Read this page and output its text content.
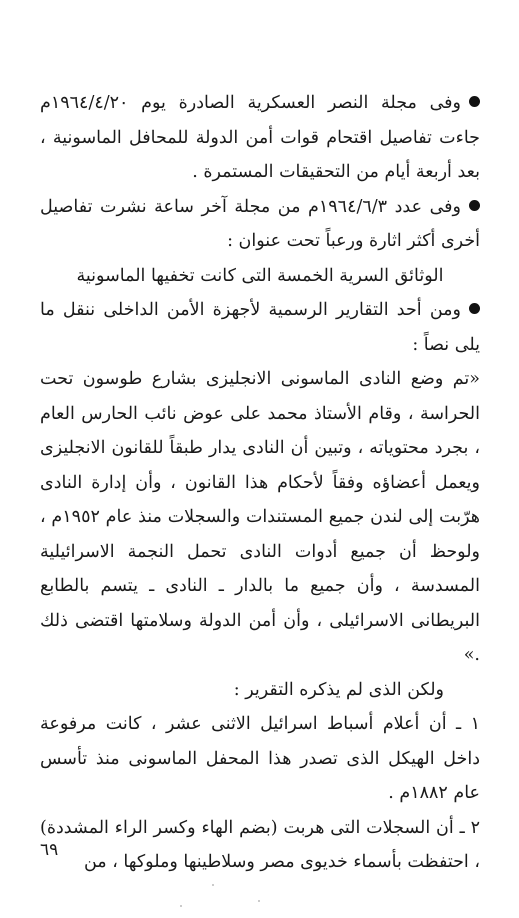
وفى مجلة النصر العسكرية الصادرة يوم ١٩٦٤/٤/٢٠م جاءت تفاصيل اقتحام قوات أمن الدولة للمحافل الماسونية ، بعد أربعة أيام من التحقيقات المستمرة .

وفى عدد ١٩٦٤/٦/٣م من مجلة آخر ساعة نشرت تفاصيل أخرى أكثر اثارة ورعباً تحت عنوان :

الوثائق السرية الخمسة التى كانت تخفيها الماسونية

ومن أحد التقارير الرسمية لأجهزة الأمن الداخلى ننقل ما يلى نصاً :

«تم وضع النادى الماسونى الانجليزى بشارع طوسون تحت الحراسة ، وقام الأستاذ محمد على عوض نائب الحارس العام ، بجرد محتوياته ، وتبين أن النادى يدار طبقاً للقانون الانجليزى ويعمل أعضاؤه وفقاً لأحكام هذا القانون ، وأن إدارة النادى هرّبت إلى لندن جميع المستندات والسجلات منذ عام ١٩٥٢م ، ولوحظ أن جميع أدوات النادى تحمل النجمة الاسرائيلية المسدسة ، وأن جميع ما بالدار ـ النادى ـ يتسم بالطابع البريطانى الاسرائيلى ، وأن أمن الدولة وسلامتها اقتضى ذلك .»

ولكن الذى لم يذكره التقرير :

١ ـ أن أعلام أسباط اسرائيل الاثنى عشر ، كانت مرفوعة داخل الهيكل الذى تصدر هذا المحفل الماسونى منذ تأسس عام ١٨٨٢م .

٢ ـ أن السجلات التى هربت (بضم الهاء وكسر الراء المشددة) ، احتفظت بأسماء خديوى مصر وسلاطينها وملوكها ، من

٦٩
